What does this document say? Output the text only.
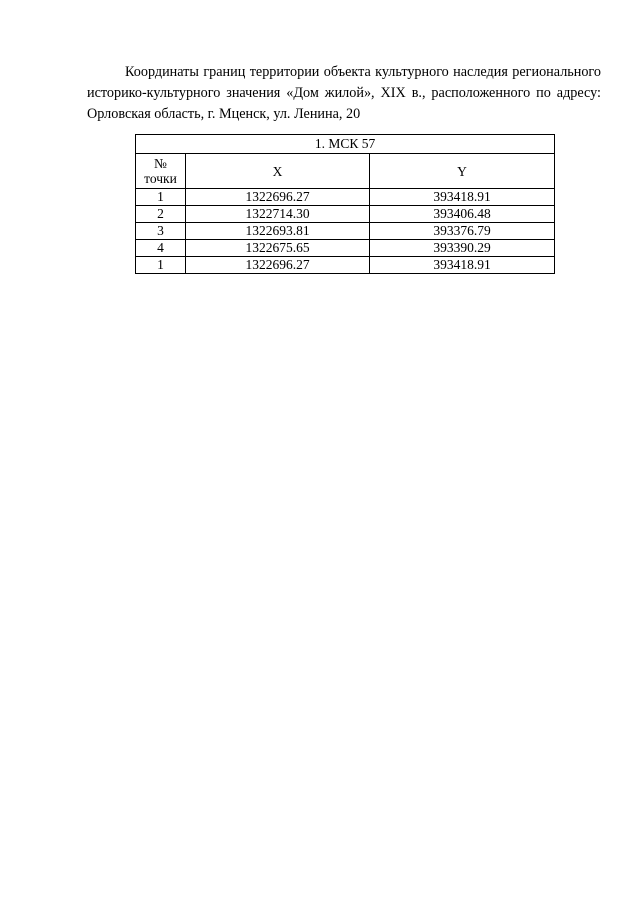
Координаты границ территории объекта культурного наследия регионального историко-культурного значения «Дом жилой», XIX в., расположенного по адресу: Орловская область, г. Мценск, ул. Ленина, 20

1. МСК 57		
№
точки	X	Y
1	1322696.27	393418.91
2	1322714.30	393406.48
3	1322693.81	393376.79
4	1322675.65	393390.29
1	1322696.27	393418.91
